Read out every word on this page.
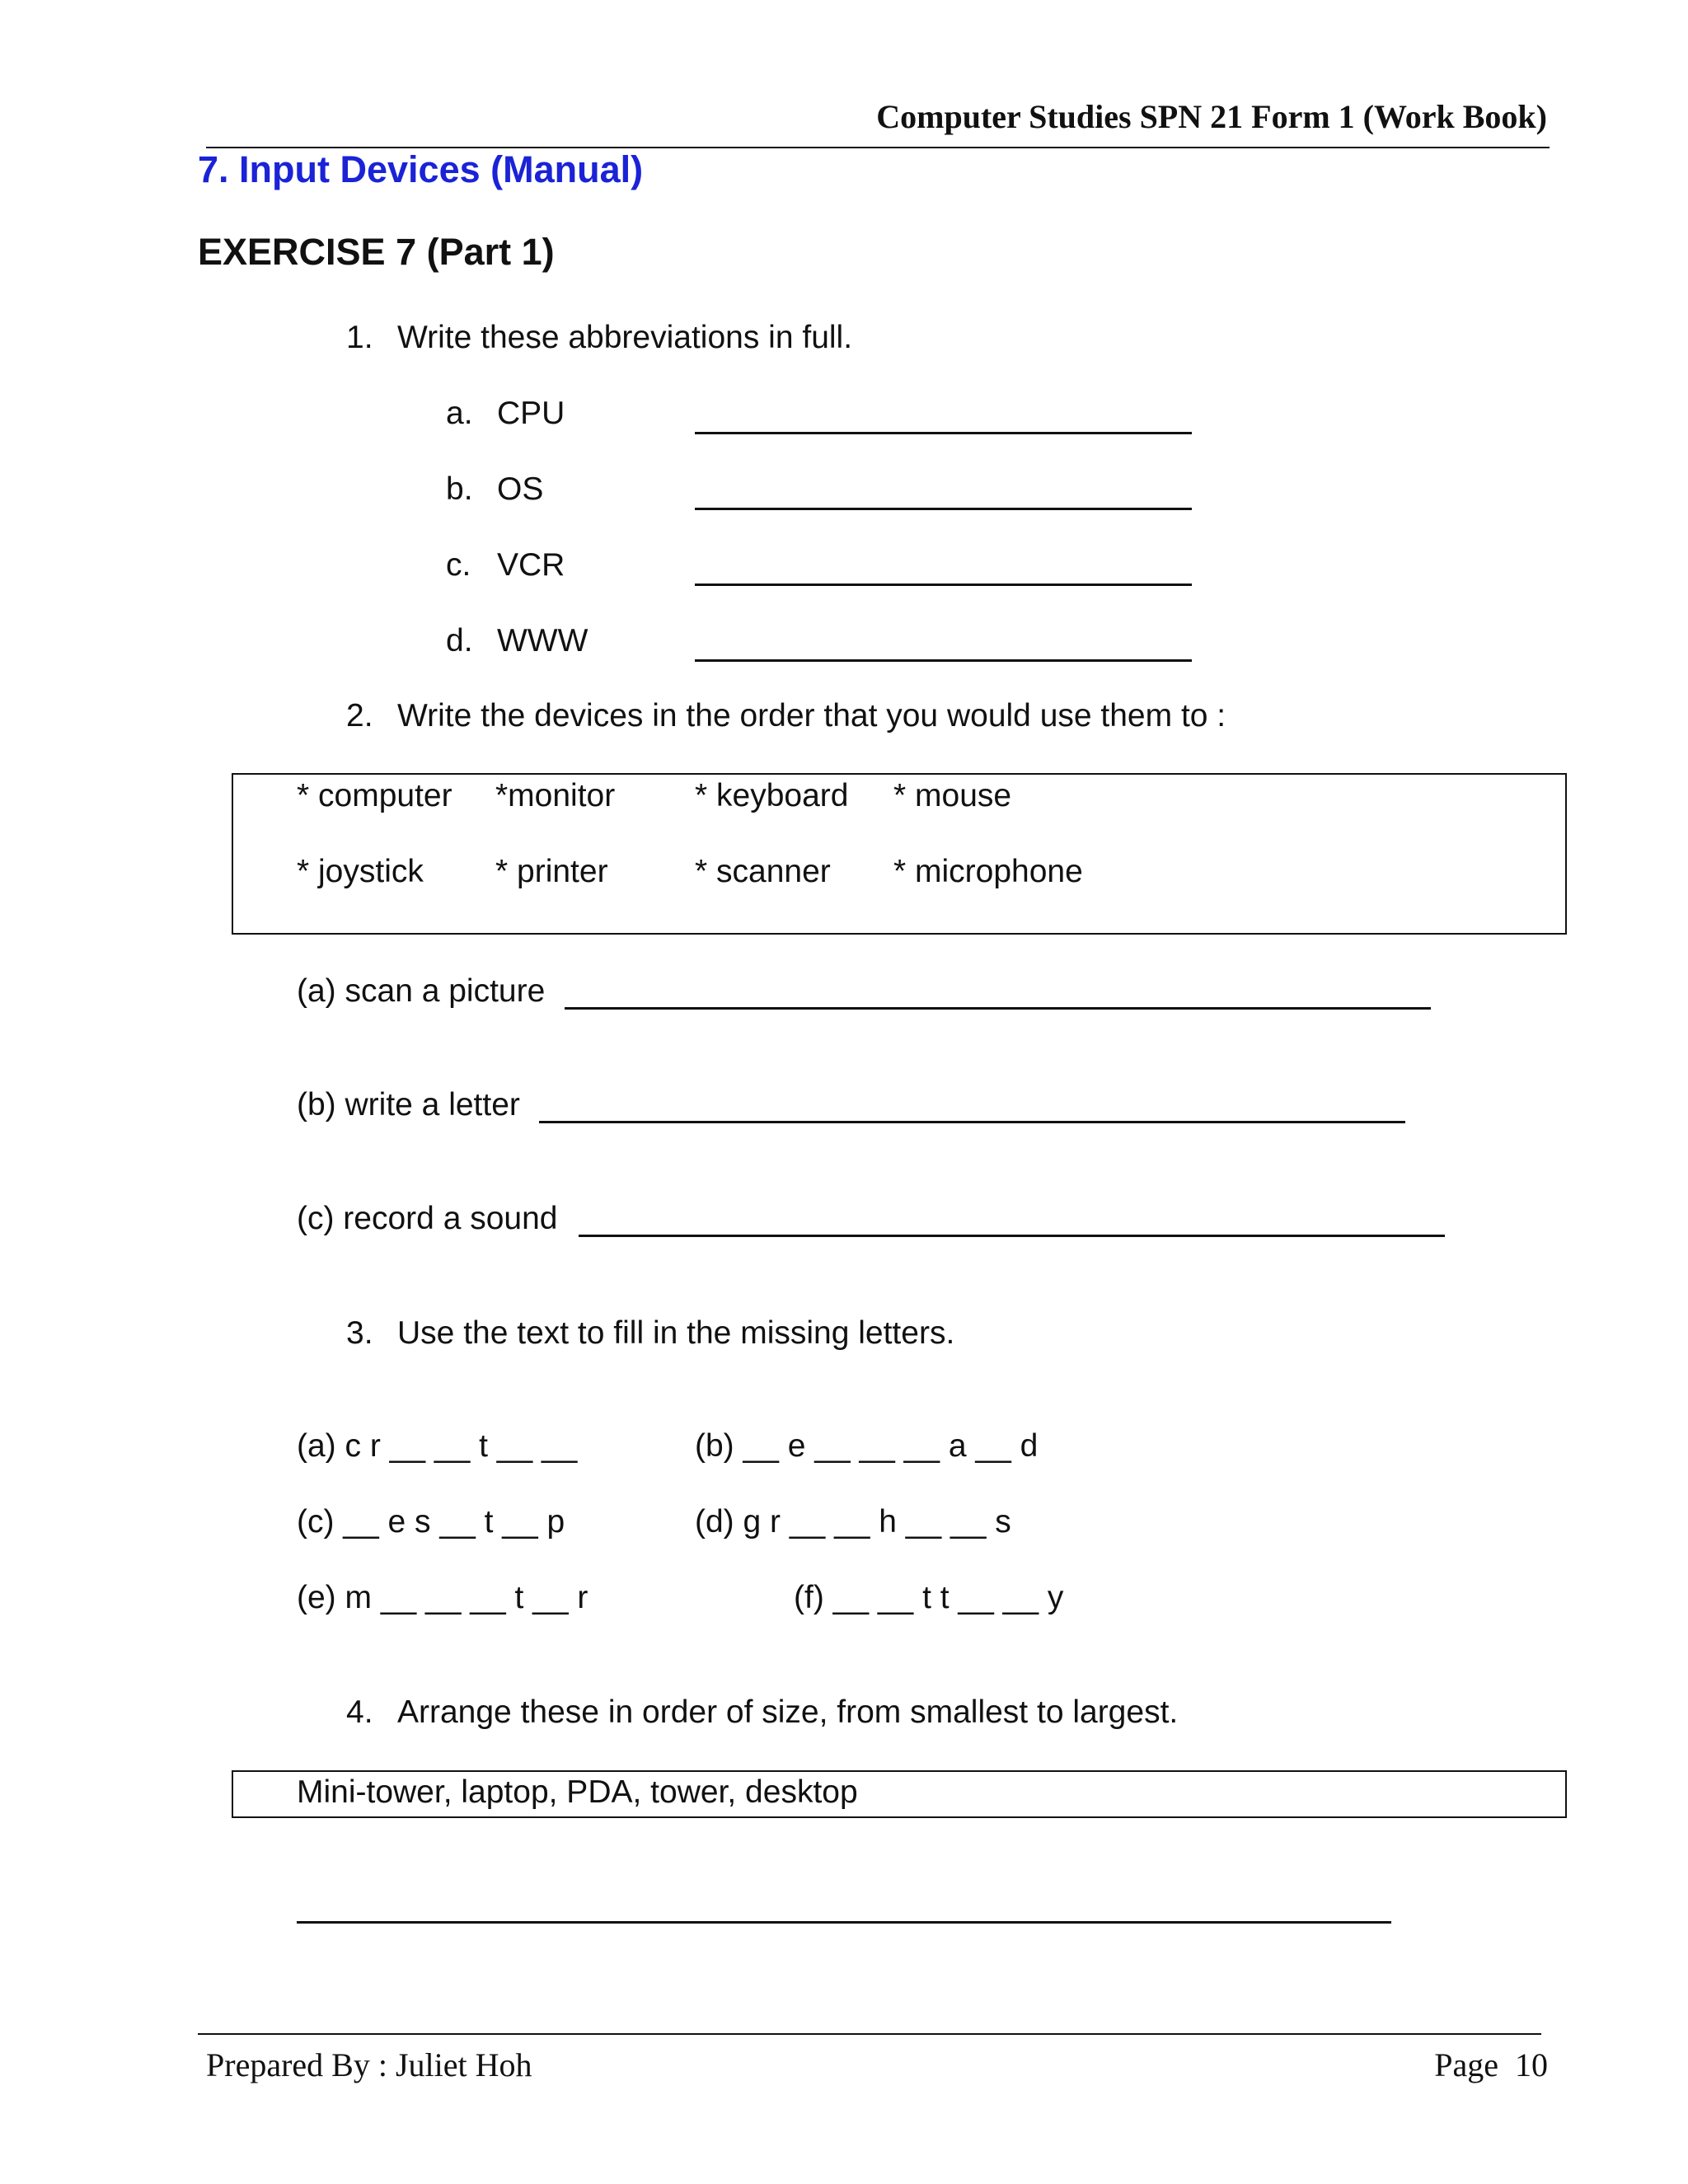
Computer Studies SPN 21 Form 1 (Work Book)
7. Input Devices (Manual)
EXERCISE 7 (Part 1)
1. Write these abbreviations in full.
a. CPU
b. OS
c. VCR
d. WWW
2. Write the devices in the order that you would use them to :
* computer *monitor * keyboard * mouse
* joystick * printer	* scanner * microphone
(a) scan a picture
(b) write a letter
(c) record a sound
3. Use the text to fill in the missing letters.
(a) c r __ __ t __ __	(b) __ e __ __ __ a __ d
(c) __ e s __ t __ p	(d) g r __ __ h __ __ s
(e) m __ __ __ t __ r	(f) __ __ t t __ __ y
4. Arrange these in order of size, from smallest to largest.
Mini-tower, laptop, PDA, tower, desktop
Prepared By : Juliet Hoh	Page  10
